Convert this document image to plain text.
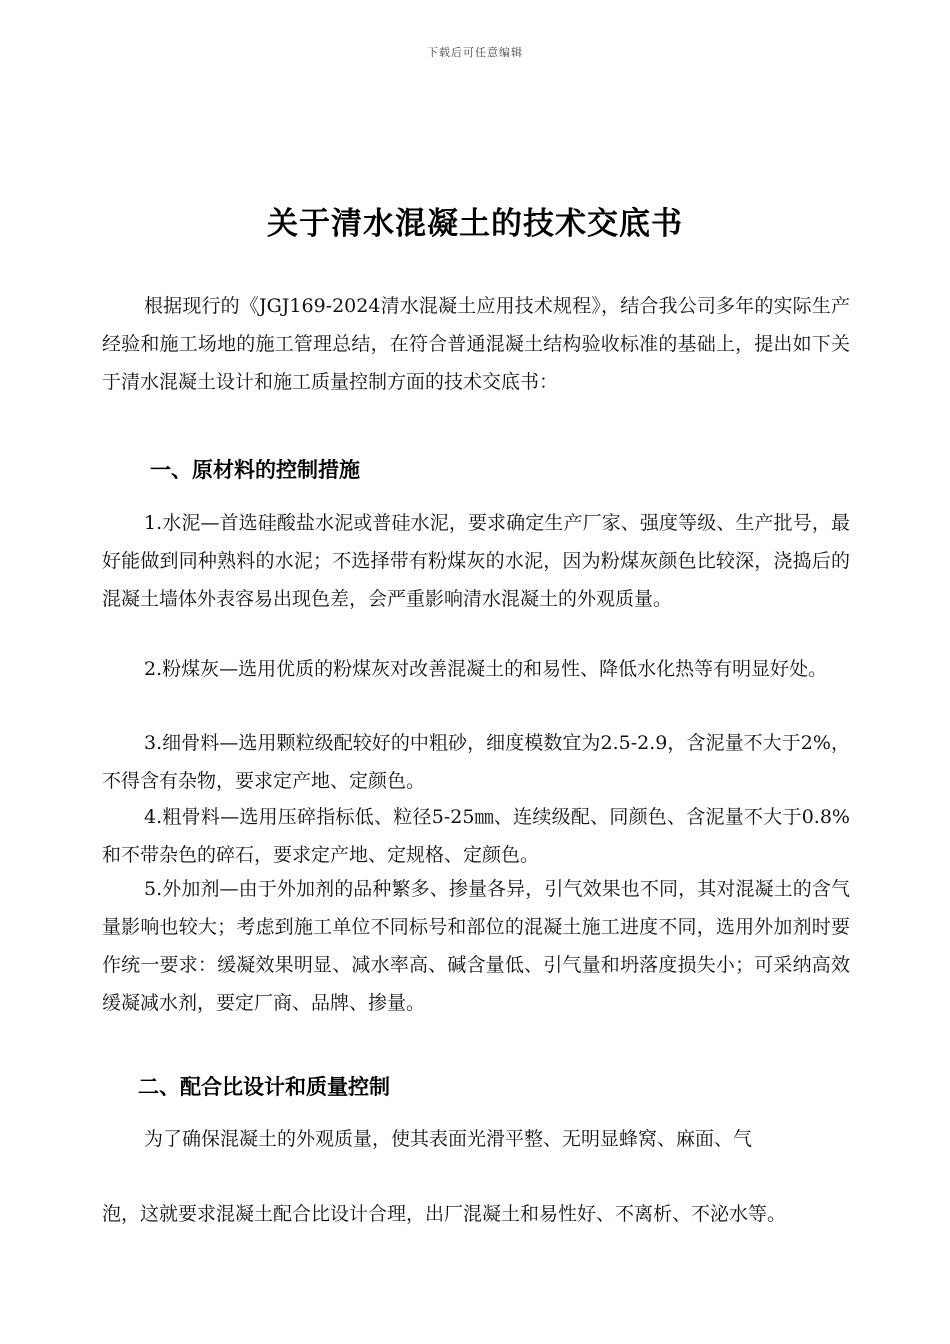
下载后可任意编辑
关于清水混凝土的技术交底书

根据现行的《JGJ169-2024清水混凝土应用技术规程》，结合我公司多年的实际生产经验和施工场地的施工管理总结，在符合普通混凝土结构验收标准的基础上，提出如下关于清水混凝土设计和施工质量控制方面的技术交底书：

一、原材料的控制措施

1.水泥—首选硅酸盐水泥或普硅水泥，要求确定生产厂家、强度等级、生产批号，最好能做到同种熟料的水泥；不选择带有粉煤灰的水泥，因为粉煤灰颜色比较深，浇捣后的混凝土墙体外表容易出现色差，会严重影响清水混凝土的外观质量。

2.粉煤灰—选用优质的粉煤灰对改善混凝土的和易性、降低水化热等有明显好处。

3.细骨料—选用颗粒级配较好的中粗砂，细度模数宜为2.5-2.9，含泥量不大于2%，不得含有杂物，要求定产地、定颜色。

4.粗骨料—选用压碎指标低、粒径5-25㎜、连续级配、同颜色、含泥量不大于0.8%和不带杂色的碎石，要求定产地、定规格、定颜色。

5.外加剂—由于外加剂的品种繁多、掺量各异，引气效果也不同，其对混凝土的含气量影响也较大；考虑到施工单位不同标号和部位的混凝土施工进度不同，选用外加剂时要作统一要求：缓凝效果明显、减水率高、碱含量低、引气量和坍落度损失小；可采纳高效缓凝减水剂，要定厂商、品牌、掺量。

二、配合比设计和质量控制

为了确保混凝土的外观质量，使其表面光滑平整、无明显蜂窝、麻面、气

泡，这就要求混凝土配合比设计合理，出厂混凝土和易性好、不离析、不泌水等。
